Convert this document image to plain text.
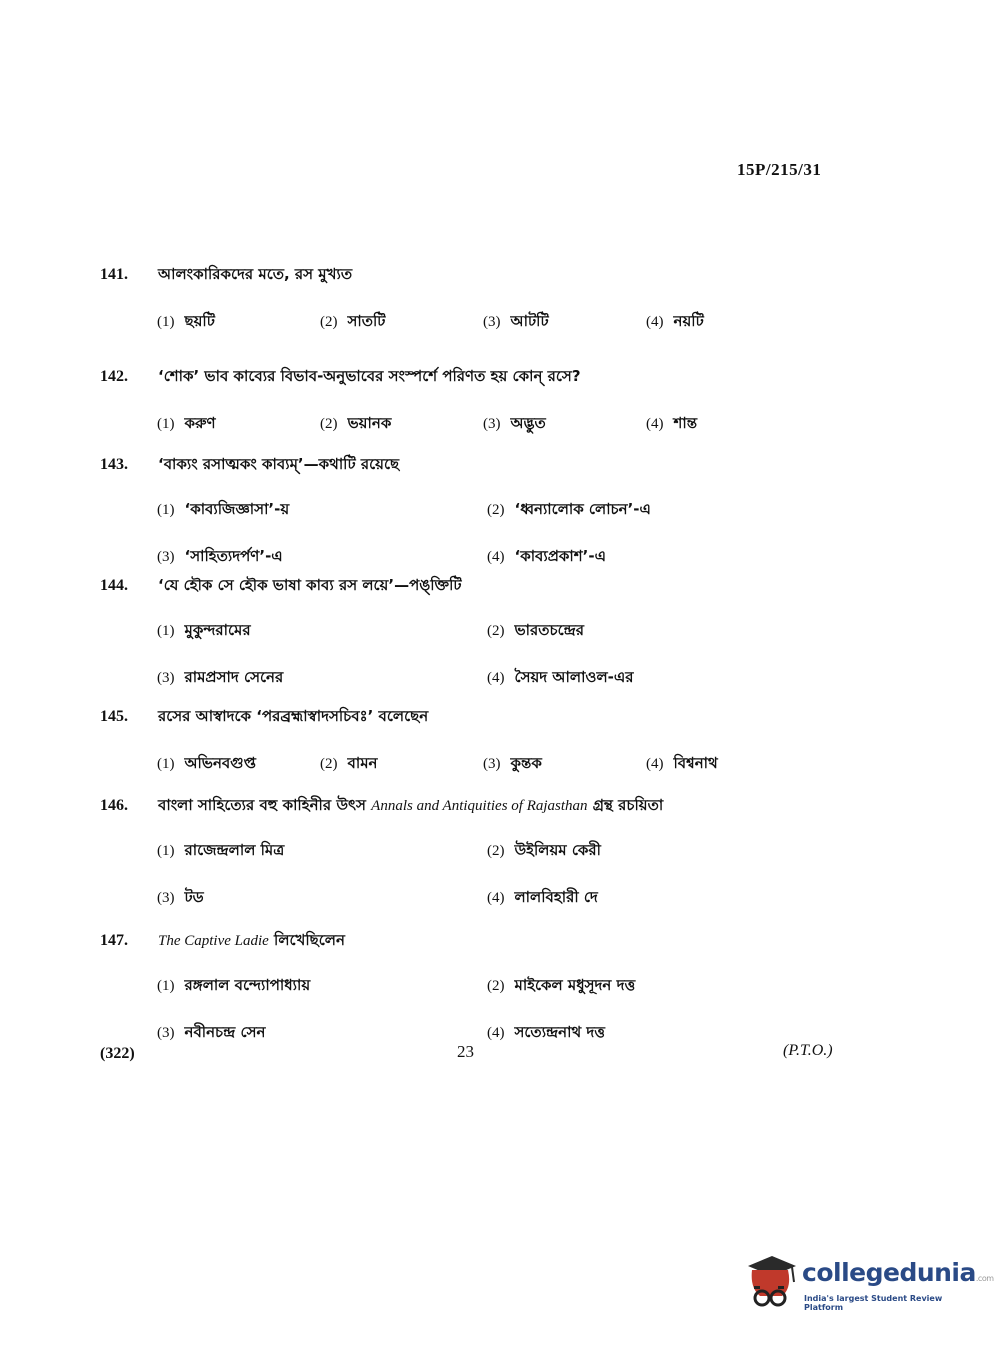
15P/215/31
141.	আলংকারিকদের মতে, রস মুখ্যত
(1) ছয়টি	(2) সাতটি	(3) আটটি	(4) নয়টি
142.	‘শোক’ ভাব কাব্যের বিভাব-অনুভাবের সংস্পর্শে পরিণত হয় কোন্ রসে?
(1) করুণ	(2) ভয়ানক	(3) অদ্ভুত	(4) শান্ত
143.	‘বাক্যং রসাত্মকং কাব্যম্’—কথাটি রয়েছে
(1) ‘কাব্যজিজ্ঞাসা’-য়	(2) ‘ধ্বন্যালোক লোচন’-এ
(3) ‘সাহিত্যদর্পণ’-এ	(4) ‘কাব্যপ্রকাশ’-এ
144.	‘যে হৌক সে হৌক ভাষা কাব্য রস লয়ে’—পঙ্‌ক্তিটি
(1) মুকুন্দরামের	(2) ভারতচন্দ্রের
(3) রামপ্রসাদ সেনের	(4) সৈয়দ আলাওল-এর
145.	রসের আস্বাদকে ‘পরব্রহ্মাস্বাদসচিবঃ’ বলেছেন
(1) অভিনবগুপ্ত	(2) বামন	(3) কুন্তক	(4) বিশ্বনাথ
146.	বাংলা সাহিত্যের বহু কাহিনীর উৎস Annals and Antiquities of Rajasthan গ্রন্থ রচয়িতা
(1) রাজেন্দ্রলাল মিত্র	(2) উইলিয়ম কেরী
(3) টড	(4) লালবিহারী দে
147.	The Captive Ladie লিখেছিলেন
(1) রঙ্গলাল বন্দ্যোপাধ্যায়	(2) মাইকেল মধুসূদন দত্ত
(3) নবীনচন্দ্র সেন	(4) সত্যেন্দ্রনাথ দত্ত
(322)	23	(P.T.O.)
collegedunia.com
India's largest Student Review Platform
